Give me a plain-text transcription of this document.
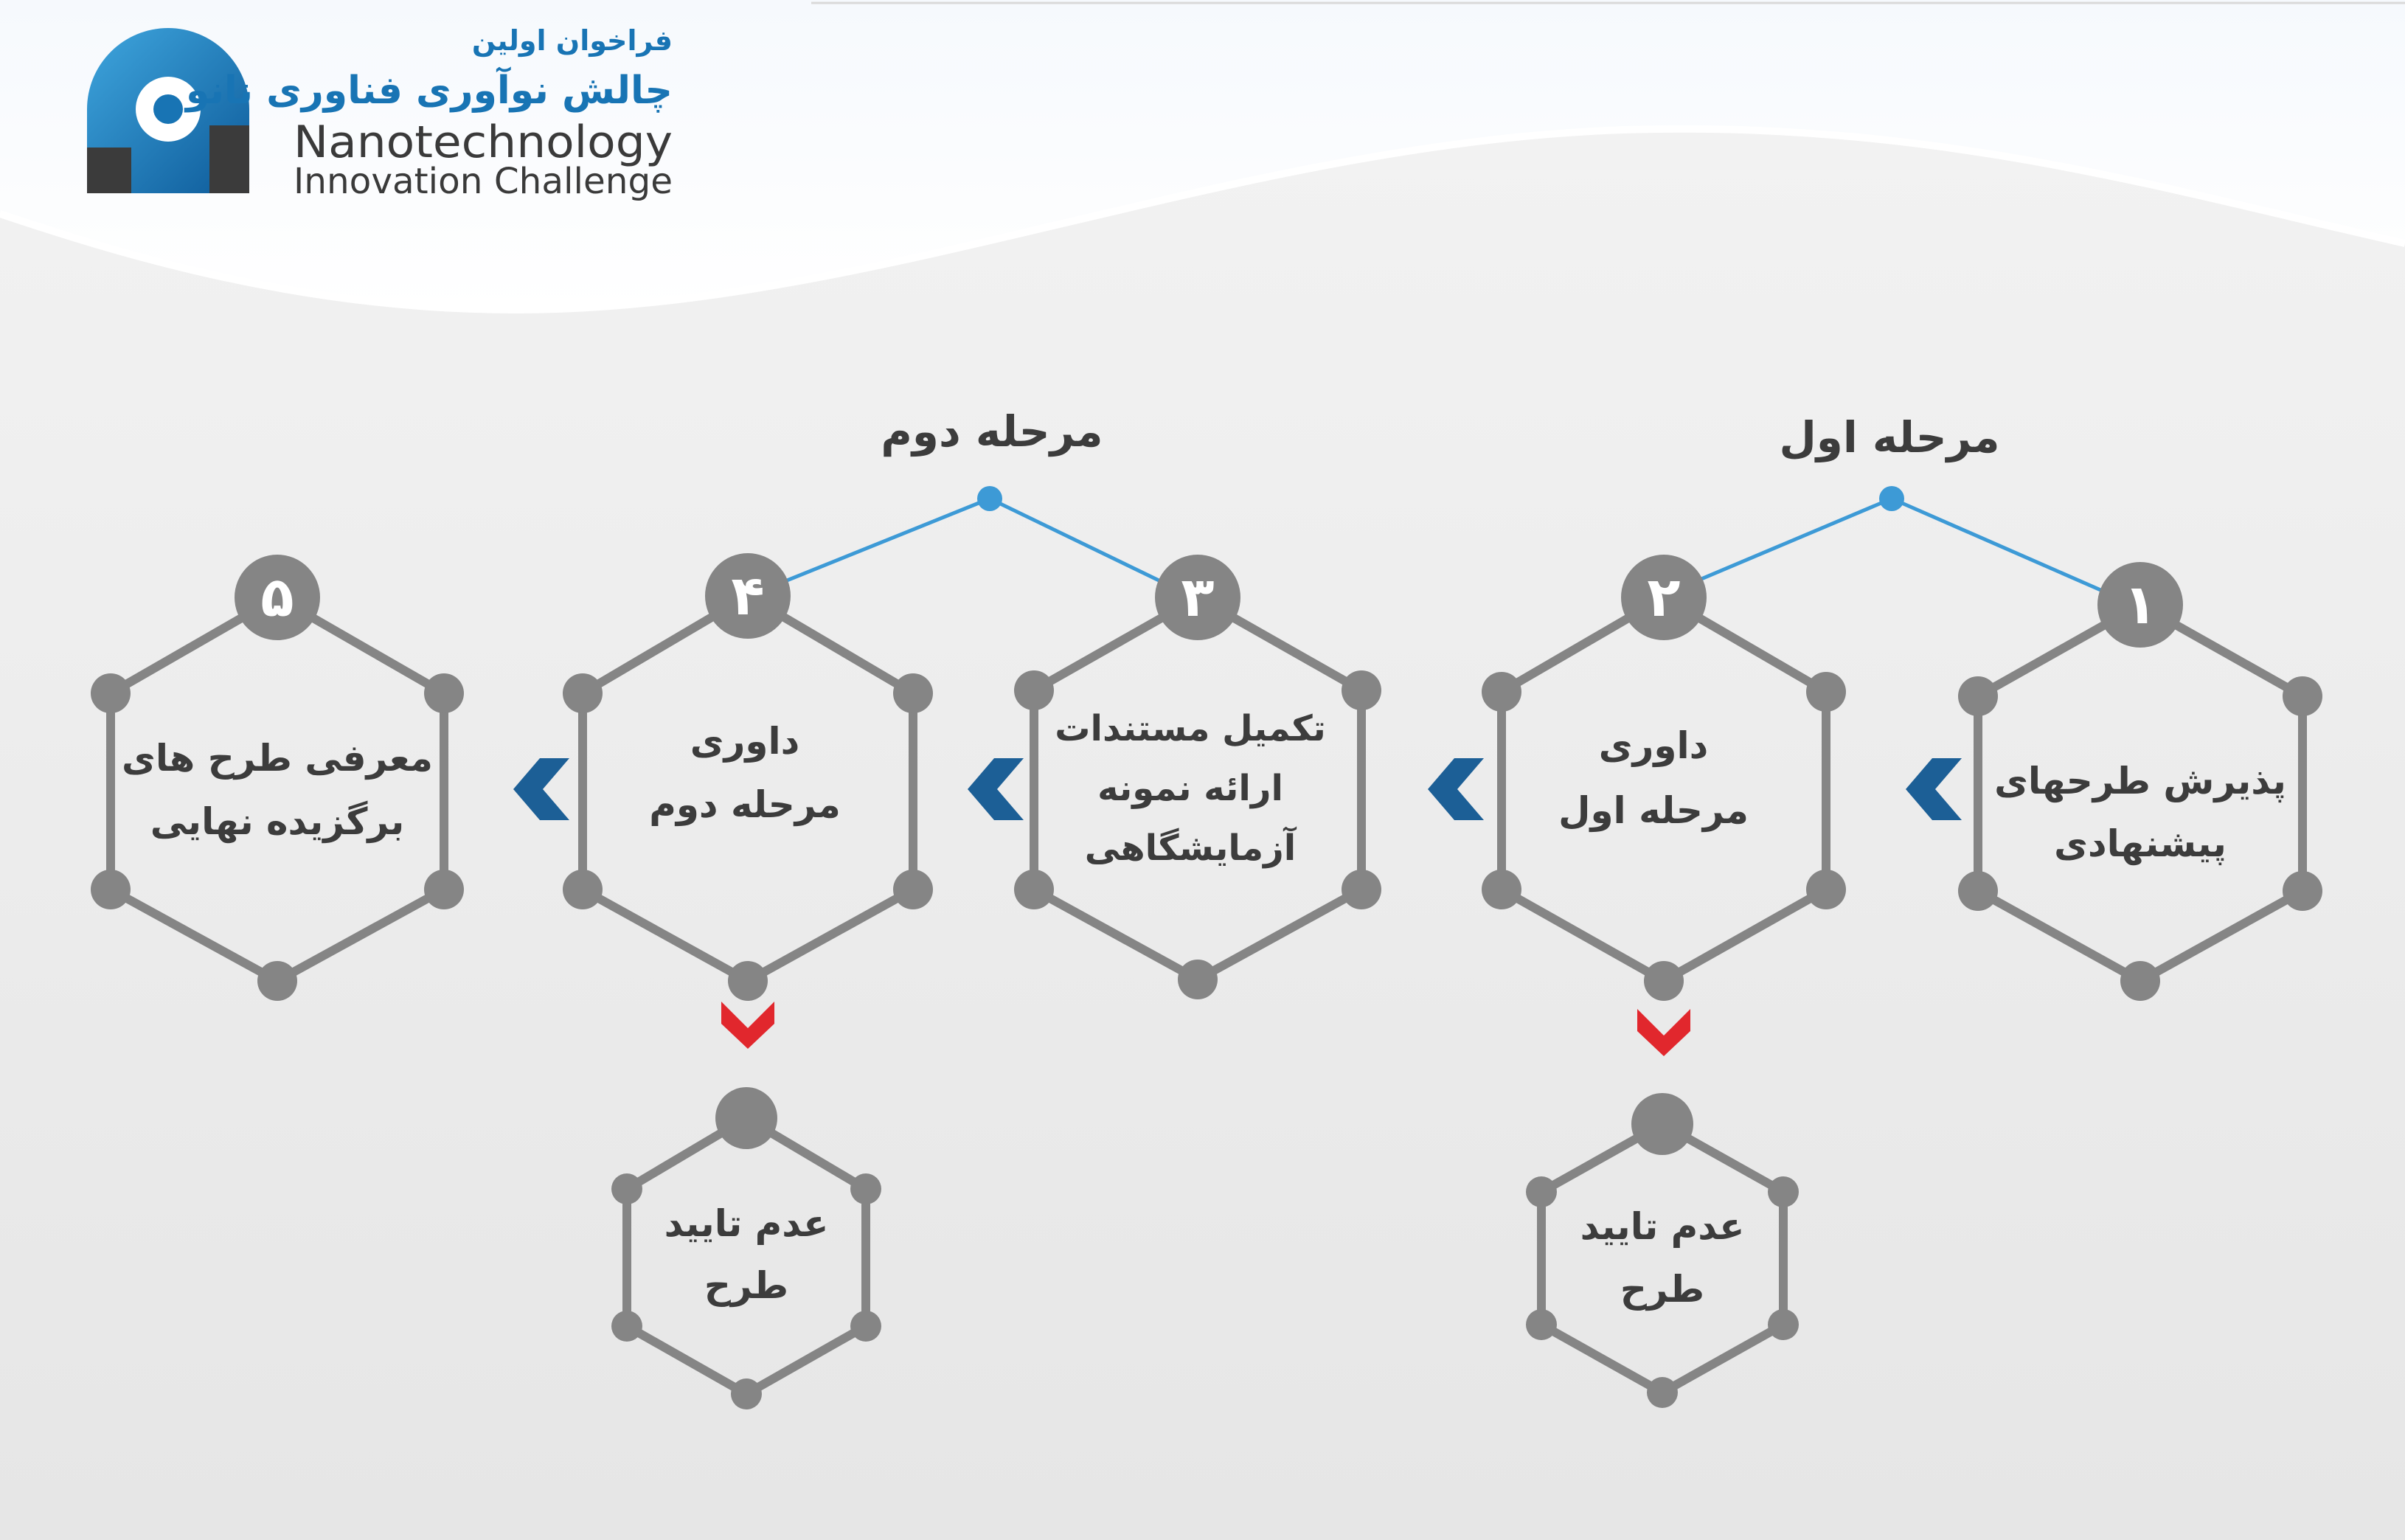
فراخوان اولین
چالش نوآوری فناوری نانو
Nanotechnology
Innovation Challenge
مرحله دوم	مرحله اول
۱
پذیرش طرحهای
پیشنهادی
۲
داوری
مرحله اول
۳
تکمیل مستندات
ارائه نمونه
آزمایشگاهی
۴
داوری
مرحله دوم
۵
معرفی طرح های
برگزیده نهایی
عدم تایید
طرح
عدم تایید
طرح
